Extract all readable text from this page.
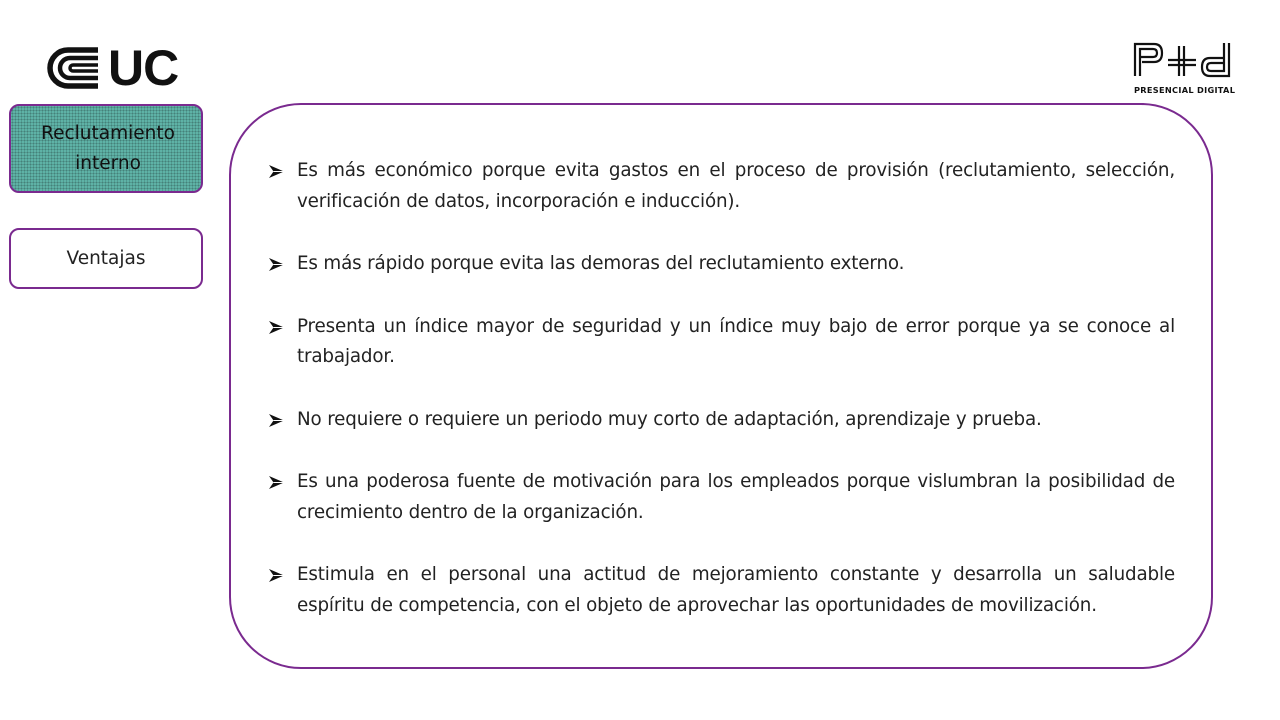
UC	PRESENCIAL DIGITAL
Reclutamiento
interno
Ventajas
Es más económico porque evita gastos en el proceso de provisión (reclutamiento, selección, verificación de datos, incorporación e inducción).
Es más rápido porque evita las demoras del reclutamiento externo.
Presenta un índice mayor de seguridad y un índice muy bajo de error porque ya se conoce al trabajador.
No requiere o requiere un periodo muy corto de adaptación, aprendizaje y prueba.
Es una poderosa fuente de motivación para los empleados porque vislumbran la posibilidad de crecimiento dentro de la organización.
Estimula en el personal una actitud de mejoramiento constante y desarrolla un saludable espíritu de competencia, con el objeto de aprovechar las oportunidades de movilización.
